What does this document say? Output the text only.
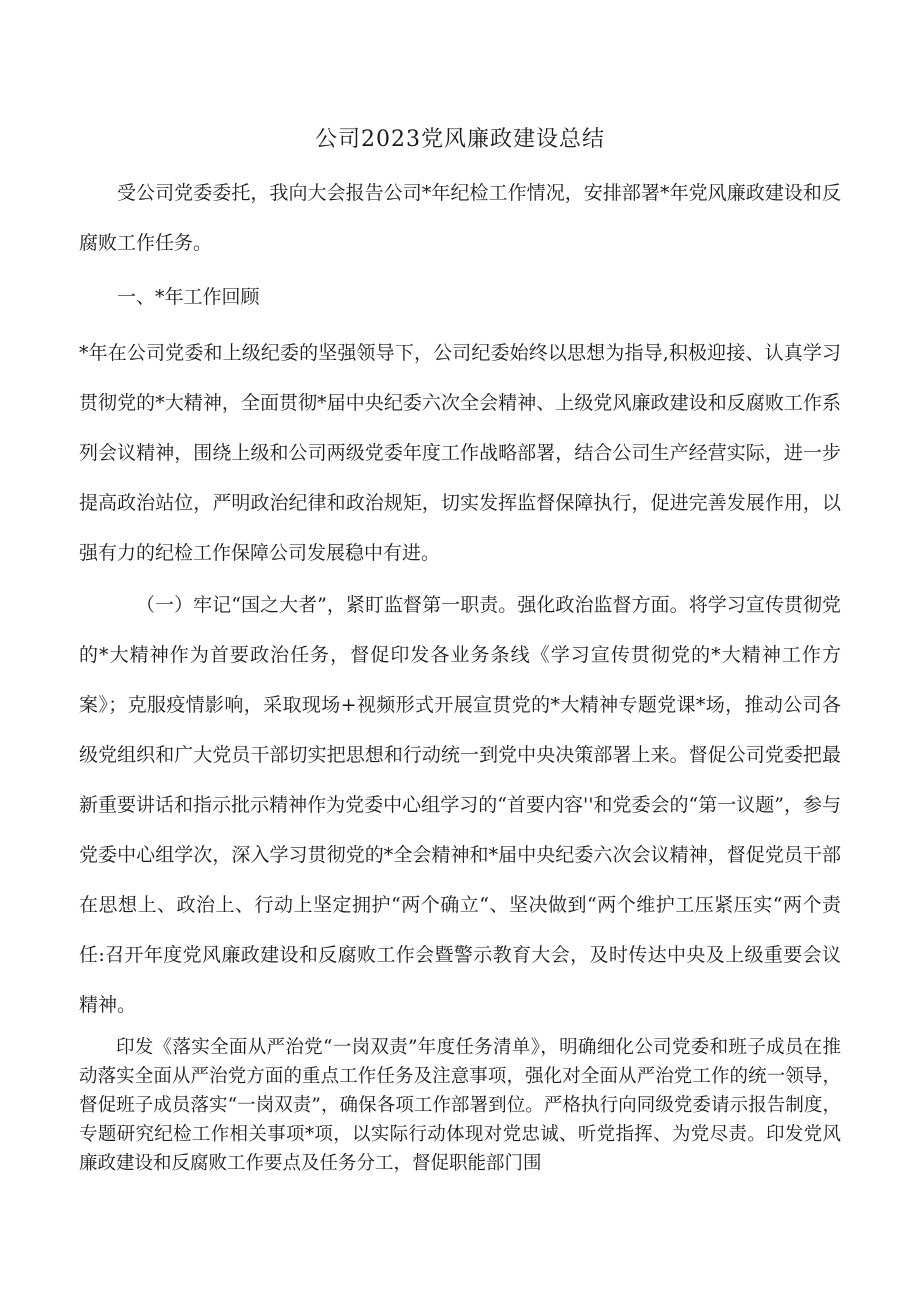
公司2023党风廉政建设总结

受公司党委委托，我向大会报告公司*年纪检工作情况，安排部署*年党风廉政建设和反腐败工作任务。

一、*年工作回顾

*年在公司党委和上级纪委的坚强领导下，公司纪委始终以思想为指导,积极迎接、认真学习贯彻党的*大精神，全面贯彻*届中央纪委六次全会精神、上级党风廉政建设和反腐败工作系列会议精神，围绕上级和公司两级党委年度工作战略部署，结合公司生产经营实际，进一步提高政治站位，严明政治纪律和政治规矩，切实发挥监督保障执行，促进完善发展作用，以强有力的纪检工作保障公司发展稳中有进。

（一）牢记“国之大者”，紧盯监督第一职责。强化政治监督方面。将学习宣传贯彻党的*大精神作为首要政治任务，督促印发各业务条线《学习宣传贯彻党的*大精神工作方案》；克服疫情影响，采取现场+视频形式开展宣贯党的*大精神专题党课*场，推动公司各级党组织和广大党员干部切实把思想和行动统一到党中央决策部署上来。督促公司党委把最新重要讲话和指示批示精神作为党委中心组学习的“首要内容''和党委会的“第一议题”，参与党委中心组学次，深入学习贯彻党的*全会精神和*届中央纪委六次会议精神，督促党员干部在思想上、政治上、行动上坚定拥护“两个确立“、坚决做到“两个维护工压紧压实“两个责任:召开年度党风廉政建设和反腐败工作会暨警示教育大会，及时传达中央及上级重要会议精神。

印发《落实全面从严治党“一岗双责”年度任务清单》，明确细化公司党委和班子成员在推动落实全面从严治党方面的重点工作任务及注意事项，强化对全面从严治党工作的统一领导，督促班子成员落实“一岗双责”，确保各项工作部署到位。严格执行向同级党委请示报告制度，专题研究纪检工作相关事项*项，以实际行动体现对党忠诚、听党指挥、为党尽责。印发党风廉政建设和反腐败工作要点及任务分工，督促职能部门围
